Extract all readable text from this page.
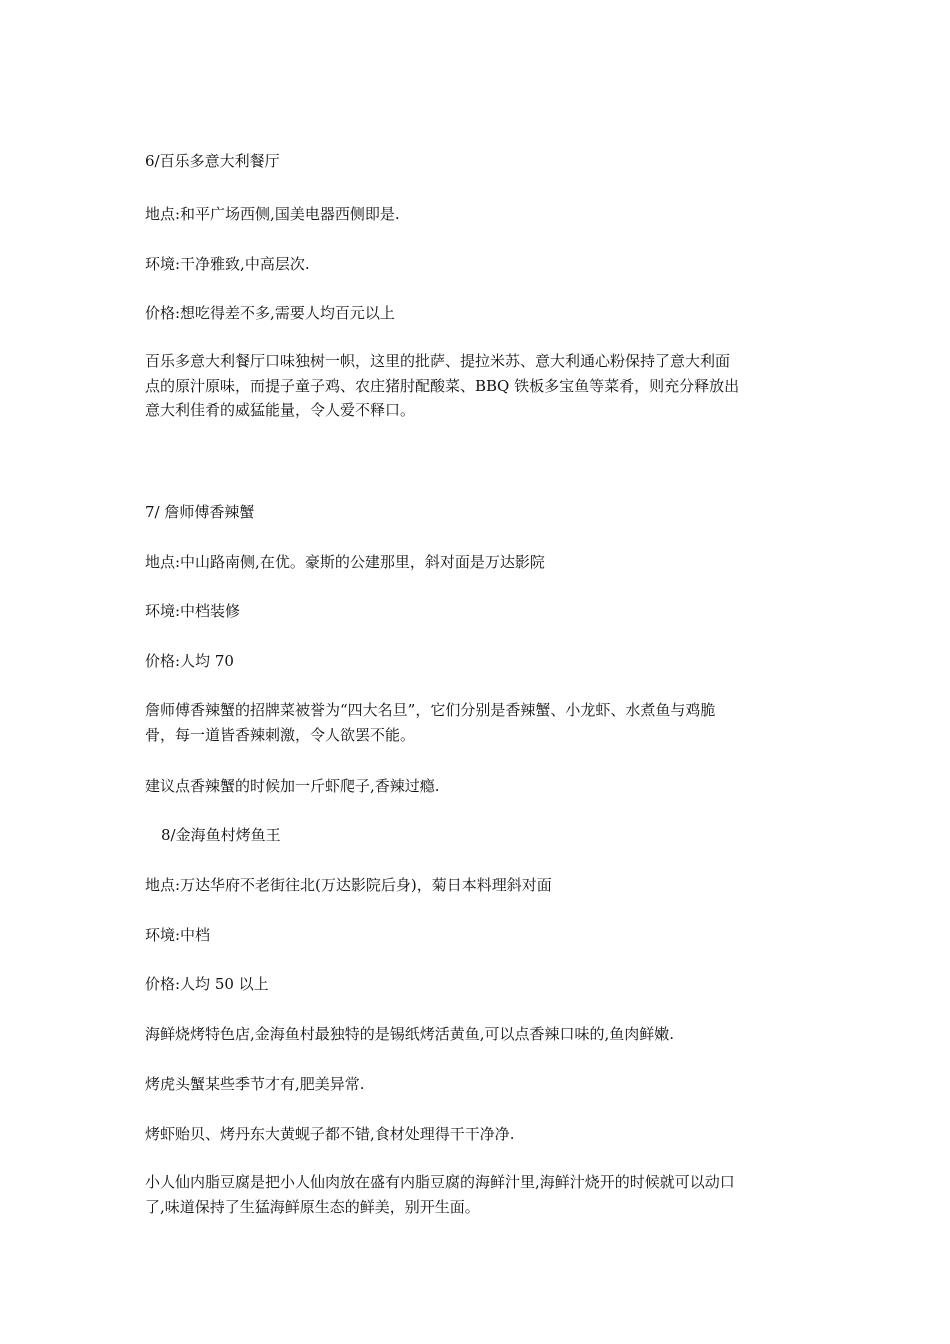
6/百乐多意大利餐厅
地点:和平广场西侧,国美电器西侧即是.
环境:干净雅致,中高层次.
价格:想吃得差不多,需要人均百元以上
百乐多意大利餐厅口味独树一帜，这里的批萨、提拉米苏、意大利通心粉保持了意大利面
点的原汁原味，而提子童子鸡、农庄猪肘配酸菜、BBQ 铁板多宝鱼等菜肴，则充分释放出
意大利佳肴的威猛能量，令人爱不释口。
7/ 詹师傅香辣蟹
地点:中山路南侧,在优。豪斯的公建那里，斜对面是万达影院
环境:中档装修
价格:人均 70
詹师傅香辣蟹的招牌菜被誉为“四大名旦”，它们分别是香辣蟹、小龙虾、水煮鱼与鸡脆
骨，每一道皆香辣刺激，令人欲罢不能。
建议点香辣蟹的时候加一斤虾爬子,香辣过瘾.
8/金海鱼村烤鱼王
地点:万达华府不老街往北(万达影院后身)，菊日本料理斜对面
环境:中档
价格:人均 50 以上
海鲜烧烤特色店,金海鱼村最独特的是锡纸烤活黄鱼,可以点香辣口味的,鱼肉鲜嫩.
烤虎头蟹某些季节才有,肥美异常.
烤虾贻贝、烤丹东大黄蚬子都不错,食材处理得干干净净.
小人仙内脂豆腐是把小人仙肉放在盛有内脂豆腐的海鲜汁里,海鲜汁烧开的时候就可以动口
了,味道保持了生猛海鲜原生态的鲜美，别开生面。
